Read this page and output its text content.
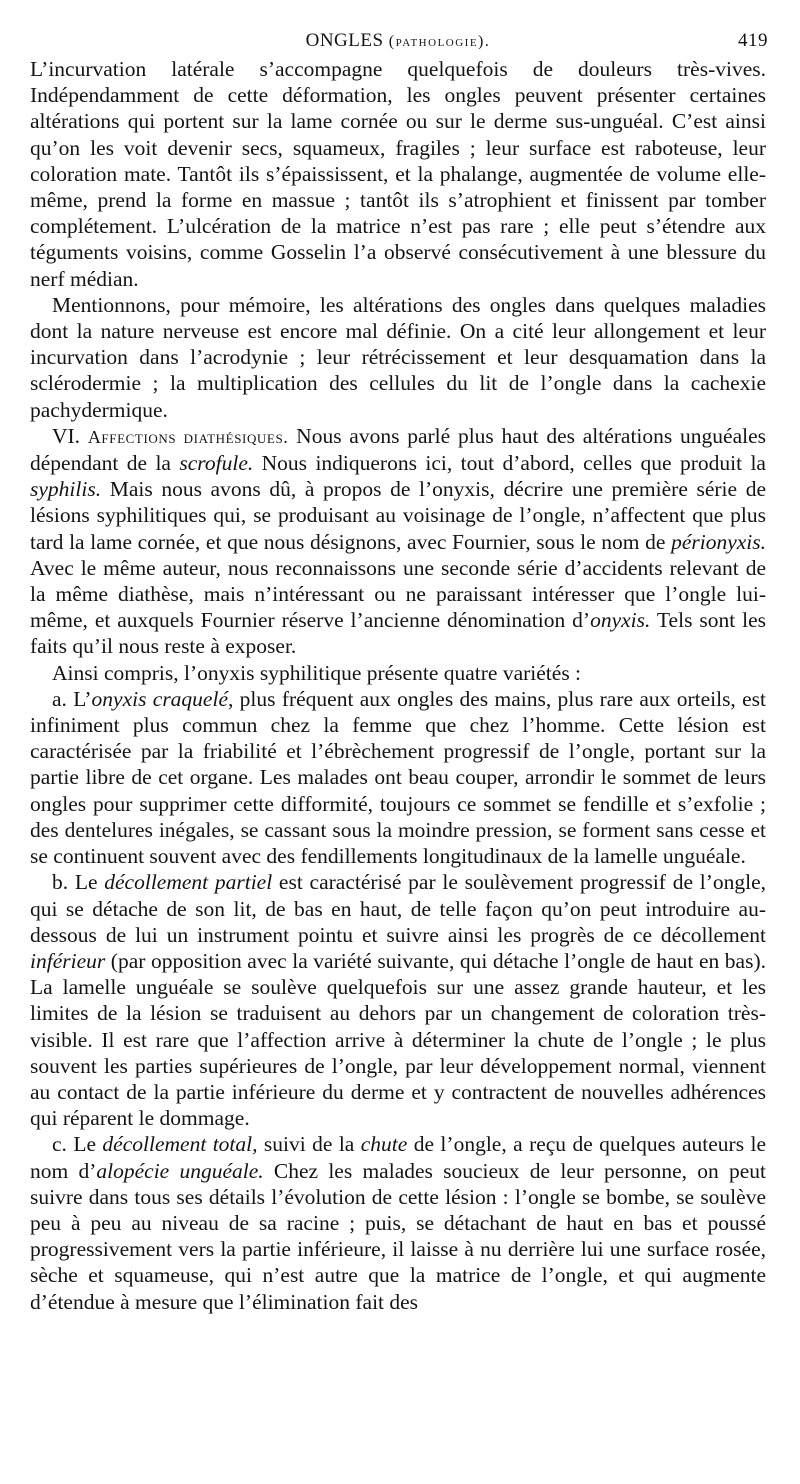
ONGLES (pathologie).	419

L’incurvation latérale s’accompagne quelquefois de douleurs très-vives. Indépendamment de cette déformation, les ongles peuvent présenter certaines altérations qui portent sur la lame cornée ou sur le derme sus-unguéal. C’est ainsi qu’on les voit devenir secs, squameux, fragiles ; leur surface est raboteuse, leur coloration mate. Tantôt ils s’épaississent, et la phalange, augmentée de volume elle-même, prend la forme en massue ; tantôt ils s’atrophient et finissent par tomber complétement. L’ulcération de la matrice n’est pas rare ; elle peut s’étendre aux téguments voisins, comme Gosselin l’a observé consécutivement à une blessure du nerf médian.

Mentionnons, pour mémoire, les altérations des ongles dans quelques maladies dont la nature nerveuse est encore mal définie. On a cité leur allongement et leur incurvation dans l’acrodynie ; leur rétrécissement et leur desquamation dans la sclérodermie ; la multiplication des cellules du lit de l’ongle dans la cachexie pachydermique.

VI. Affections diathésiques. Nous avons parlé plus haut des altérations unguéales dépendant de la scrofule. Nous indiquerons ici, tout d’abord, celles que produit la syphilis. Mais nous avons dû, à propos de l’onyxis, décrire une première série de lésions syphilitiques qui, se produisant au voisinage de l’ongle, n’affectent que plus tard la lame cornée, et que nous désignons, avec Fournier, sous le nom de périonyxis. Avec le même auteur, nous reconnaissons une seconde série d’accidents relevant de la même diathèse, mais n’intéressant ou ne paraissant intéresser que l’ongle lui-même, et auxquels Fournier réserve l’ancienne dénomination d’onyxis. Tels sont les faits qu’il nous reste à exposer.

Ainsi compris, l’onyxis syphilitique présente quatre variétés :

a. L’onyxis craquelé, plus fréquent aux ongles des mains, plus rare aux orteils, est infiniment plus commun chez la femme que chez l’homme. Cette lésion est caractérisée par la friabilité et l’ébrèchement progressif de l’ongle, portant sur la partie libre de cet organe. Les malades ont beau couper, arrondir le sommet de leurs ongles pour supprimer cette difformité, toujours ce sommet se fendille et s’exfolie ; des dentelures inégales, se cassant sous la moindre pression, se forment sans cesse et se continuent souvent avec des fendillements longitudinaux de la lamelle unguéale.

b. Le décollement partiel est caractérisé par le soulèvement progressif de l’ongle, qui se détache de son lit, de bas en haut, de telle façon qu’on peut introduire au-dessous de lui un instrument pointu et suivre ainsi les progrès de ce décollement inférieur (par opposition avec la variété suivante, qui détache l’ongle de haut en bas). La lamelle unguéale se soulève quelquefois sur une assez grande hauteur, et les limites de la lésion se traduisent au dehors par un changement de coloration très-visible. Il est rare que l’affection arrive à déterminer la chute de l’ongle ; le plus souvent les parties supérieures de l’ongle, par leur développement normal, viennent au contact de la partie inférieure du derme et y contractent de nouvelles adhérences qui réparent le dommage.

c. Le décollement total, suivi de la chute de l’ongle, a reçu de quelques auteurs le nom d’alopécie unguéale. Chez les malades soucieux de leur personne, on peut suivre dans tous ses détails l’évolution de cette lésion : l’ongle se bombe, se soulève peu à peu au niveau de sa racine ; puis, se détachant de haut en bas et poussé progressivement vers la partie inférieure, il laisse à nu derrière lui une surface rosée, sèche et squameuse, qui n’est autre que la matrice de l’ongle, et qui augmente d’étendue à mesure que l’élimination fait des
